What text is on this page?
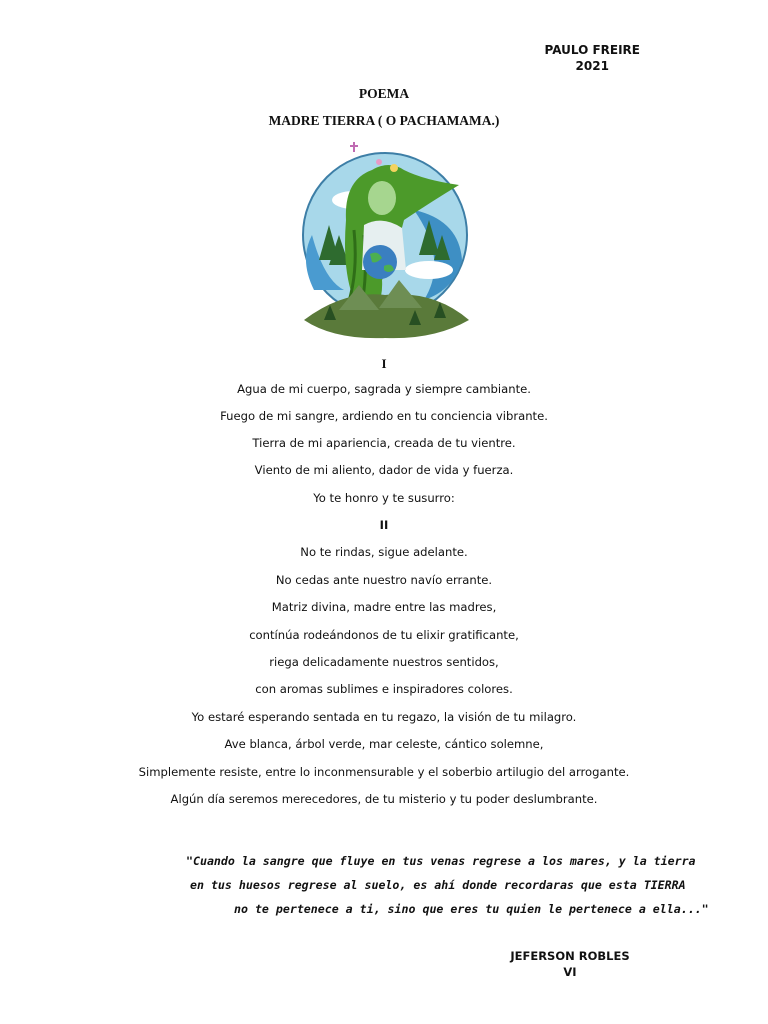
PAULO FREIRE
2021
POEMA
MADRE TIERRA ( O PACHAMAMA.)
I
Agua de mi cuerpo, sagrada y siempre cambiante.
Fuego de mi sangre, ardiendo en tu conciencia vibrante.
Tierra de mi apariencia, creada de tu vientre.
Viento de mi aliento, dador de vida y fuerza.
Yo te honro y te susurro:
II
No te rindas, sigue adelante.
No cedas ante nuestro navío errante.
Matriz divina, madre entre las madres,
contínúa rodeándonos de tu elixir gratificante,
riega delicadamente nuestros sentidos,
con aromas sublimes e inspiradores colores.
Yo estaré esperando sentada en tu regazo, la visión de tu milagro.
Ave blanca, árbol verde, mar celeste, cántico solemne,
Simplemente resiste, entre lo inconmensurable y el soberbio artilugio del arrogante.
Algún día seremos merecedores, de tu misterio y tu poder deslumbrante.
"Cuando la sangre que fluye en tus venas regrese a los mares, y la tierra
en tus huesos regrese al suelo, es ahí donde recordaras que esta TIERRA
no te pertenece a ti, sino que eres tu quien le pertenece a ella..."
JEFERSON ROBLES
VI
